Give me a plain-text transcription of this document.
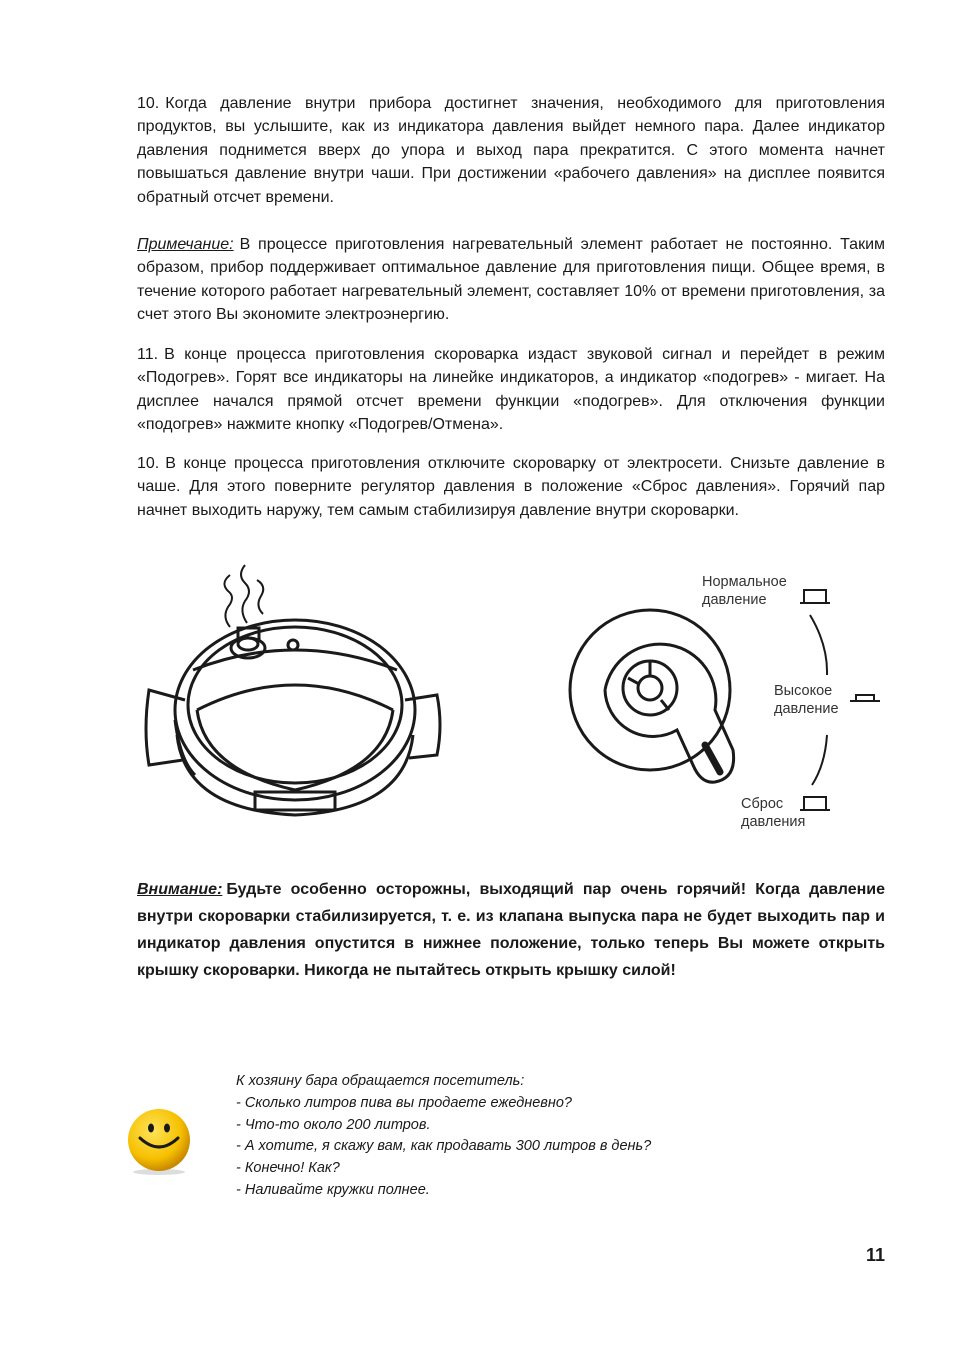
10. Когда давление внутри прибора достигнет значения, необходимого для приготовления продуктов, вы услышите, как из индикатора давления выйдет немного пара. Далее индикатор давления поднимется вверх до упора и выход пара прекратится. С этого момента начнет повышаться давление внутри чаши. При достижении «рабочего давления» на дисплее появится обратный отсчет времени.
Примечание: В процессе приготовления нагревательный элемент работает не постоянно. Таким образом, прибор поддерживает оптимальное давление для приготовления пищи. Общее время, в течение которого работает нагревательный элемент, составляет 10% от времени приготовления, за счет этого Вы экономите электроэнергию.
11. В конце процесса приготовления скороварка издаст звуковой сигнал и перейдет в режим «Подогрев». Горят все индикаторы на линейке индикаторов, а индикатор «подогрев» - мигает. На дисплее начался прямой отсчет времени функции «подогрев». Для отключения функции «подогрев» нажмите кнопку «Подогрев/Отмена».
10. В конце процесса приготовления отключите скороварку от электросети. Снизьте давление в чаше. Для этого поверните регулятор давления в положение «Сброс давления». Горячий пар начнет выходить наружу, тем самым стабилизируя давление внутри скороварки.
Нормальное
давление
Высокое
давление
Сброс
давления
Внимание: Будьте особенно осторожны, выходящий пар очень горячий! Когда давление внутри скороварки стабилизируется, т. е. из клапана выпуска пара не будет выходить пар и индикатор давления опустится в нижнее положение, только теперь Вы можете открыть крышку скороварки. Никогда не пытайтесь открыть крышку силой!
К хозяину бара обращается посетитель:
- Сколько литров пива вы продаете ежедневно?
- Что-то около 200 литров.
- А хотите, я скажу вам, как продавать 300 литров в день?
- Конечно! Как?
- Наливайте кружки полнее.
11
